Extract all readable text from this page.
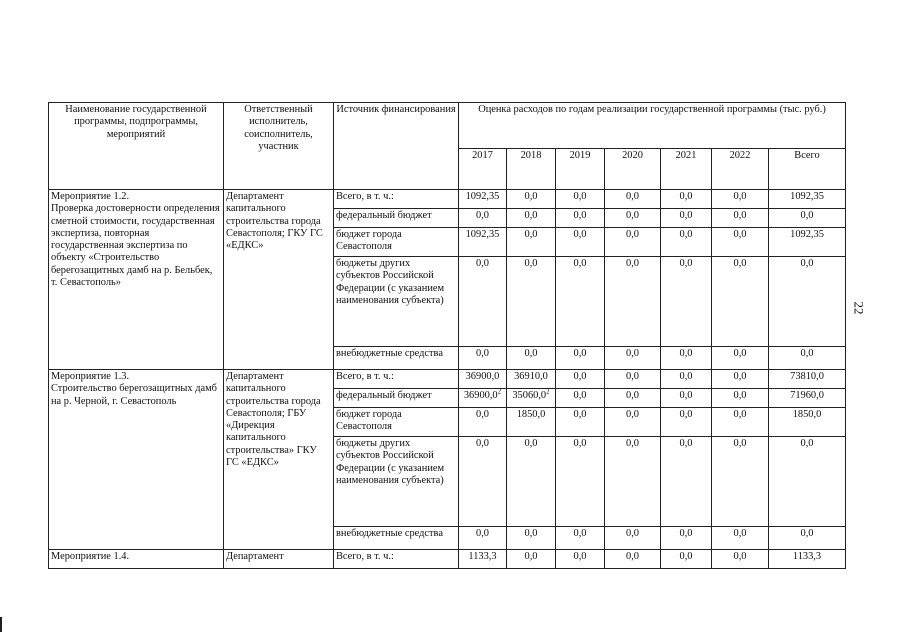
22
Наименование государственной программы, подпрограммы, мероприятий	Ответственный исполнитель, соисполнитель, участник	Источник финансирования	Оценка расходов по годам реализации государственной программы (тыс. руб.)						
			2017	2018	2019	2020	2021	2022	Всего
Мероприятие 1.2.
Проверка достоверности определения сметной стоимости, государственная экспертиза, повторная государственная экспертиза по объекту «Строительство берегозащитных дамб на р. Бельбек, т. Севастополь»	Департамент капитального строительства города Севастополя; ГКУ ГС «ЕДКС»	Всего, в т. ч.:	1092,35	0,0	0,0	0,0	0,0	0,0	1092,35
		федеральный бюджет	0,0	0,0	0,0	0,0	0,0	0,0	0,0
		бюджет города Севастополя	1092,35	0,0	0,0	0,0	0,0	0,0	1092,35
		бюджеты других субъектов Российской Федерации (с указанием наименования субъекта)	0,0	0,0	0,0	0,0	0,0	0,0	0,0
		внебюджетные средства	0,0	0,0	0,0	0,0	0,0	0,0	0,0
Мероприятие 1.3.
Строительство берегозащитных дамб на р. Черной, г. Севастополь	Департамент капитального строительства города Севастополя; ГБУ «Дирекция капитального строительства» ГКУ ГС «ЕДКС»	Всего, в т. ч.:	36900,0	36910,0	0,0	0,0	0,0	0,0	73810,0
		федеральный бюджет	36900,0$^2$	35060,0$^2$	0,0	0,0	0,0	0,0	71960,0
		бюджет города Севастополя	0,0	1850,0	0,0	0,0	0,0	0,0	1850,0
		бюджеты других субъектов Российской Федерации (с указанием наименования субъекта)	0,0	0,0	0,0	0,0	0,0	0,0	0,0
		внебюджетные средства	0,0	0,0	0,0	0,0	0,0	0,0	0,0
Мероприятие 1.4.	Департамент	Всего, в т. ч.:	1133,3	0,0	0,0	0,0	0,0	0,0	1133,3
